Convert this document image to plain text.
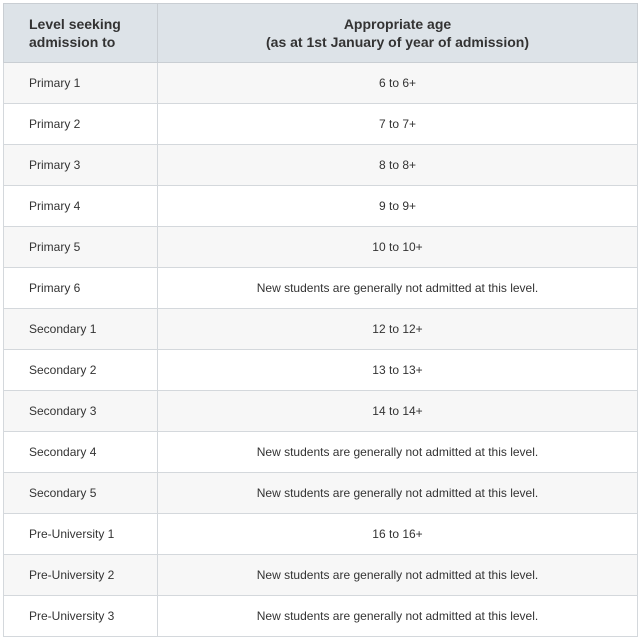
Level seeking
admission to	Appropriate age
(as at 1st January of year of admission)

Primary 1	6 to 6+
Primary 2	7 to 7+
Primary 3	8 to 8+
Primary 4	9 to 9+
Primary 5	10 to 10+
Primary 6	New students are generally not admitted at this level.
Secondary 1	12 to 12+
Secondary 2	13 to 13+
Secondary 3	14 to 14+
Secondary 4	New students are generally not admitted at this level.
Secondary 5	New students are generally not admitted at this level.
Pre-University 1	16 to 16+
Pre-University 2	New students are generally not admitted at this level.
Pre-University 3	New students are generally not admitted at this level.
